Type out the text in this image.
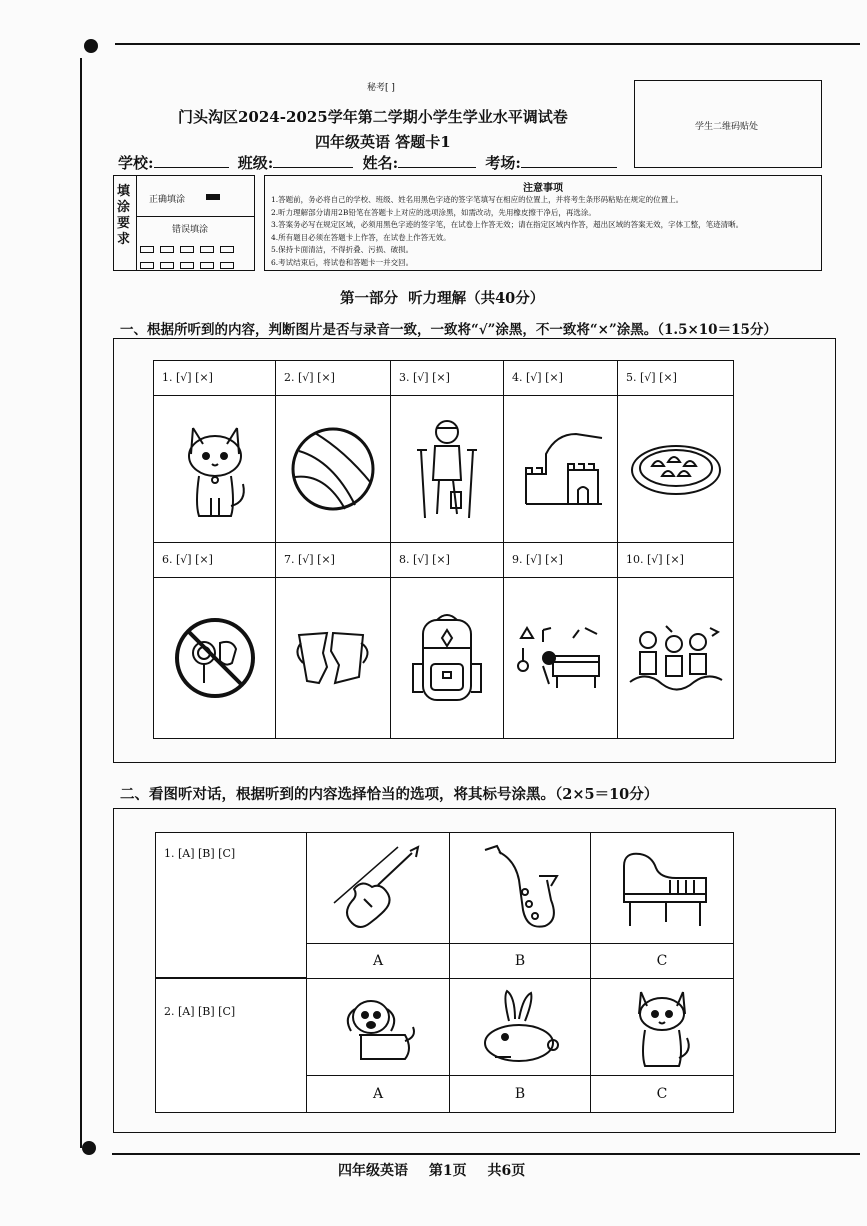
秘考[ ]
门头沟区2024-2025学年第二学期小学生学业水平调试卷
四年级英语 答题卡1
学生二维码贴处
学校:	班级:	姓名:	考场:
填涂要求
正确填涂
错误填涂
注意事项
1.答题前，务必将自己的学校、班级、姓名用黑色字迹的签字笔填写在相应的位置上，并将考生条形码粘贴在规定的位置上。
2.听力理解部分请用2B铅笔在答题卡上对应的选项涂黑，如需改动，先用橡皮擦干净后，再选涂。
3.答案务必写在规定区域，必须用黑色字迹的签字笔，在试卷上作答无效；请在指定区域内作答，超出区域的答案无效，字体工整，笔迹清晰。
4.所有题目必须在答题卡上作答，在试卷上作答无效。
5.保持卡面清洁，不得折叠、污损、破损。
6.考试结束后，将试卷和答题卡一并交回。
第一部分  听力理解（共40分）
一、根据所听到的内容，判断图片是否与录音一致，一致将“√”涂黑，不一致将“×”涂黑。（1.5×10＝15分）
1. [√] [×]	2. [√] [×]	3. [√] [×]	4. [√] [×]	5. [√] [×]
6. [√] [×]	7. [√] [×]	8. [√] [×]	9. [√] [×]	10. [√] [×]
二、看图听对话，根据听到的内容选择恰当的选项，将其标号涂黑。（2×5＝10分）
1. [A] [B] [C]
A	B	C
2. [A] [B] [C]
A	B	C
四年级英语 第1页 共6页
